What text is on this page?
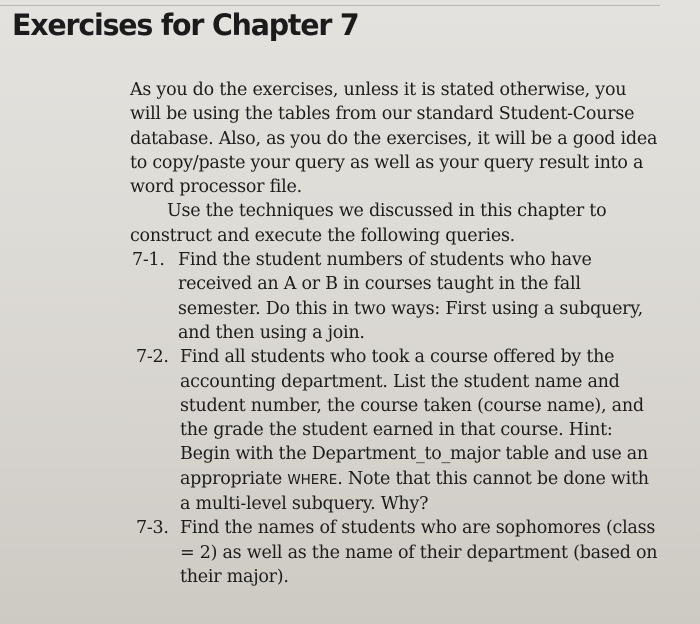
Exercises for Chapter 7

As you do the exercises, unless it is stated otherwise, you will be using the tables from our standard Student-Course database. Also, as you do the exercises, it will be a good idea to copy/paste your query as well as your query result into a word processor file.

Use the techniques we discussed in this chapter to construct and execute the following queries.

7-1. Find the student numbers of students who have received an A or B in courses taught in the fall semester. Do this in two ways: First using a subquery, and then using a join.
7-2. Find all students who took a course offered by the accounting department. List the student name and student number, the course taken (course name), and the grade the student earned in that course. Hint: Begin with the Department_to_major table and use an appropriate WHERE. Note that this cannot be done with a multi-level subquery. Why?
7-3. Find the names of students who are sophomores (class = 2) as well as the name of their department (based on their major).
